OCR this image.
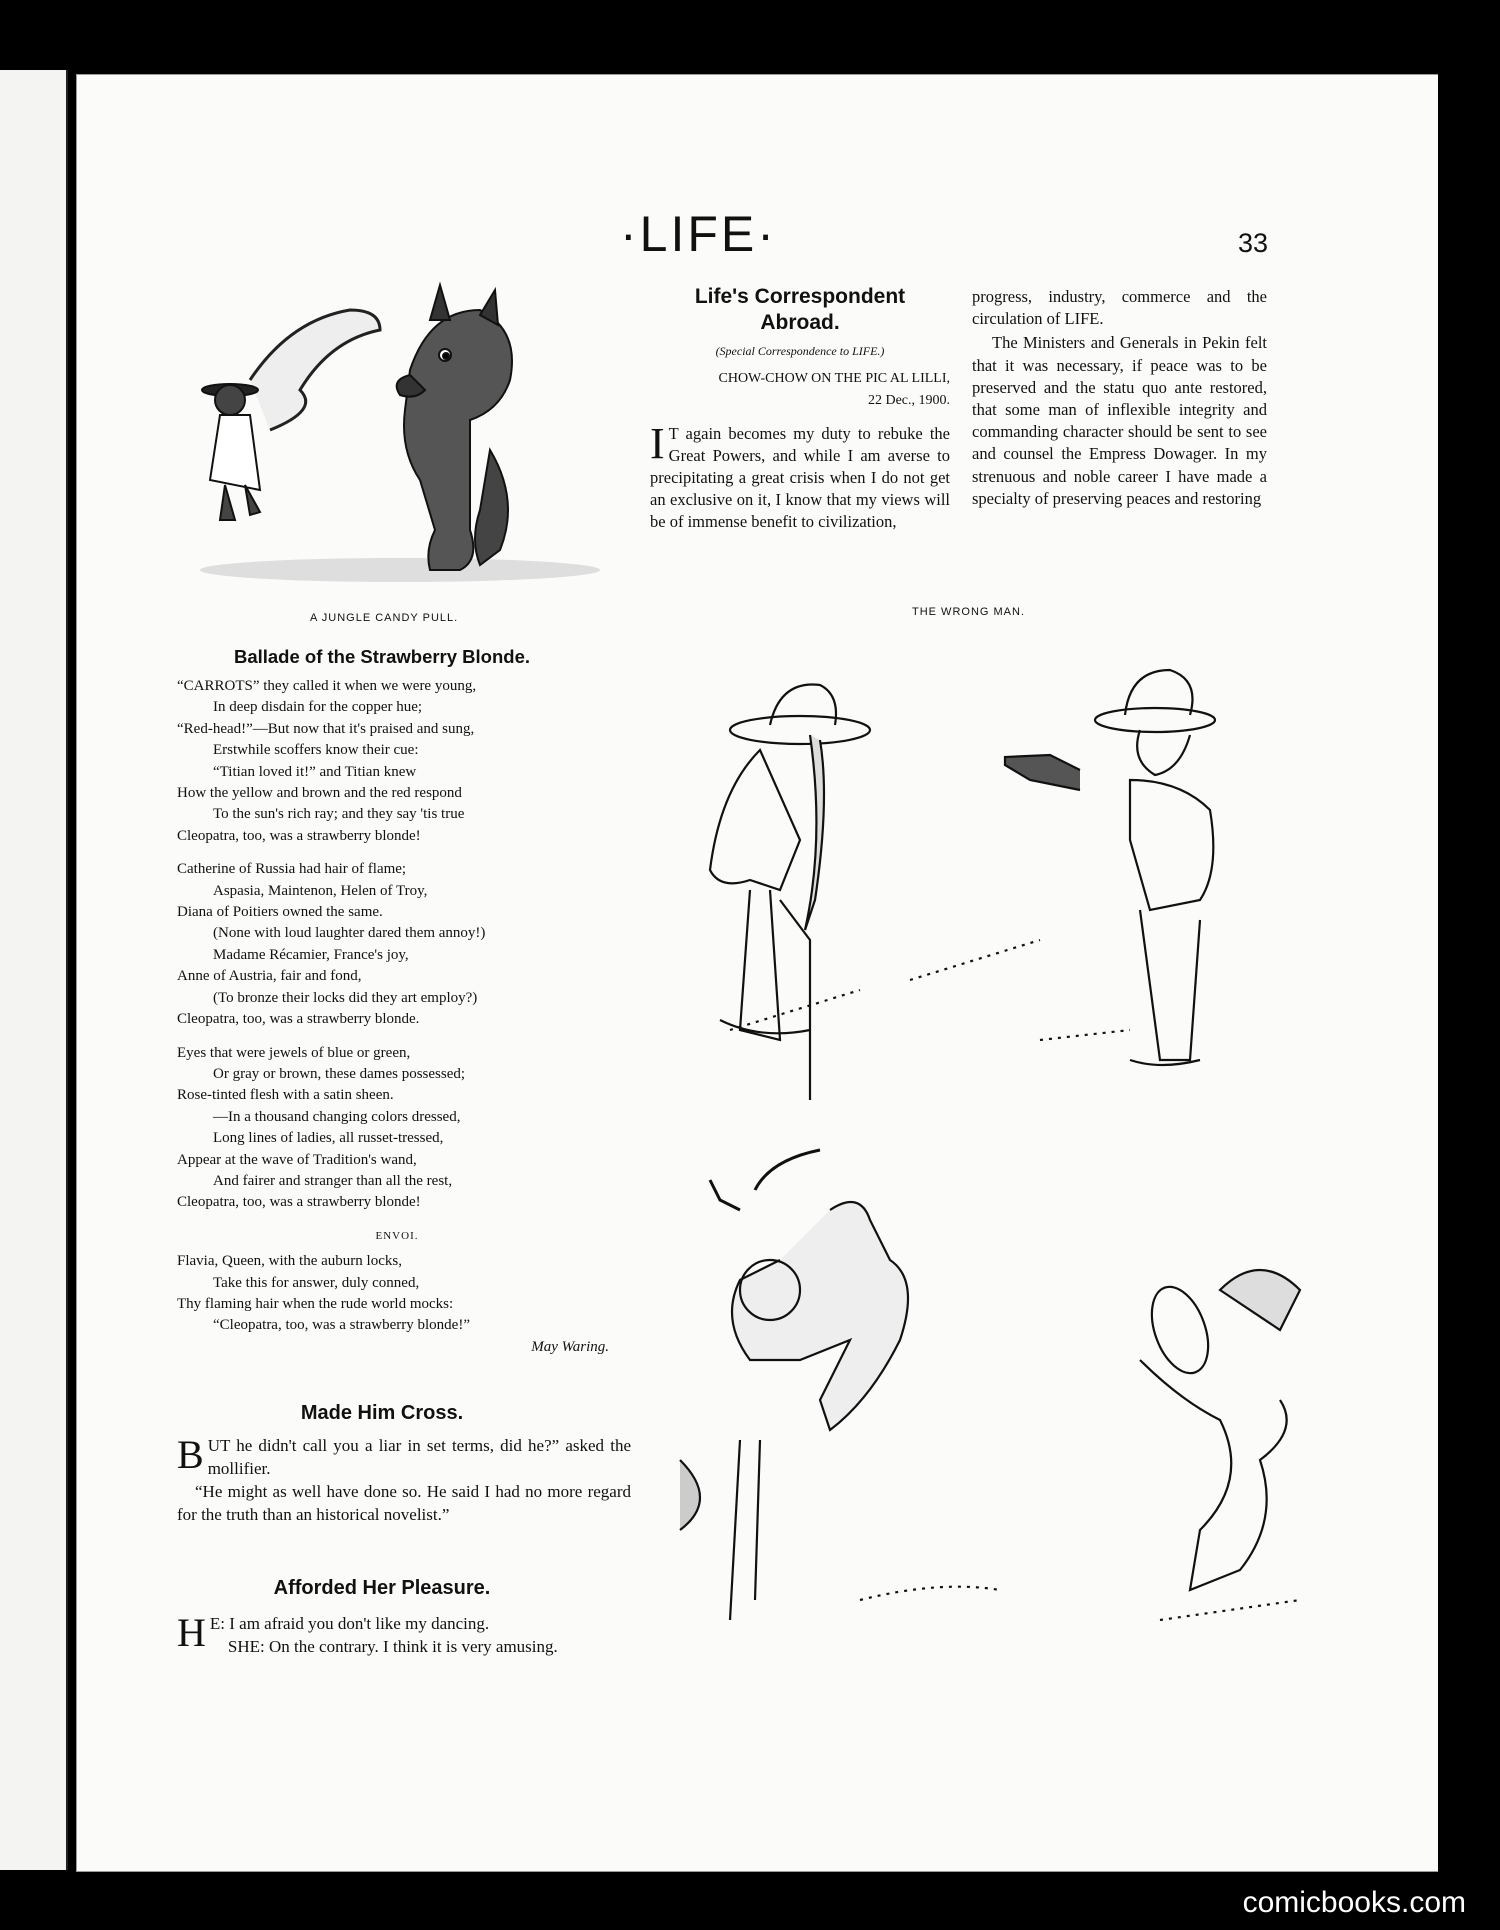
·LIFE·	33
A JUNGLE CANDY PULL.
Life's Correspondent Abroad.
(Special Correspondence to LIFE.)
CHOW-CHOW ON THE PIC AL LILLI,
22 Dec., 1900.

I T again becomes my duty to rebuke the Great Powers, and while I am averse to precipitating a great crisis when I do not get an exclusive on it, I know that my views will be of immense benefit to civilization,

progress, industry, commerce and the circulation of LIFE.

The Ministers and Generals in Pekin felt that it was necessary, if peace was to be preserved and the statu quo ante restored, that some man of inflexible integrity and commanding character should be sent to see and counsel the Empress Dowager. In my strenuous and noble career I have made a specialty of preserving peaces and restoring

THE WRONG MAN.
Ballade of the Strawberry Blonde.
“CARROTS” they called it when we were young,
In deep disdain for the copper hue;
“Red-head!”—But now that it's praised and sung,
Erstwhile scoffers know their cue:
“Titian loved it!” and Titian knew
How the yellow and brown and the red respond
To the sun's rich ray; and they say 'tis true
Cleopatra, too, was a strawberry blonde!
Catherine of Russia had hair of flame;
Aspasia, Maintenon, Helen of Troy,
Diana of Poitiers owned the same.
(None with loud laughter dared them annoy!)
Madame Récamier, France's joy,
Anne of Austria, fair and fond,
(To bronze their locks did they art employ?)
Cleopatra, too, was a strawberry blonde.
Eyes that were jewels of blue or green,
Or gray or brown, these dames possessed;
Rose-tinted flesh with a satin sheen.
—In a thousand changing colors dressed,
Long lines of ladies, all russet-tressed,
Appear at the wave of Tradition's wand,
And fairer and stranger than all the rest,
Cleopatra, too, was a strawberry blonde!
ENVOI.
Flavia, Queen, with the auburn locks,
Take this for answer, duly conned,
Thy flaming hair when the rude world mocks:
“Cleopatra, too, was a strawberry blonde!”
May Waring.
Made Him Cross.

BUT he didn't call you a liar in set terms, did he?” asked the mollifier.

“He might as well have done so. He said I had no more regard for the truth than an historical novelist.”

Afforded Her Pleasure.

H E: I am afraid you don't like my dancing.

SHE: On the contrary. I think it is very amusing.

comicbooks.com
